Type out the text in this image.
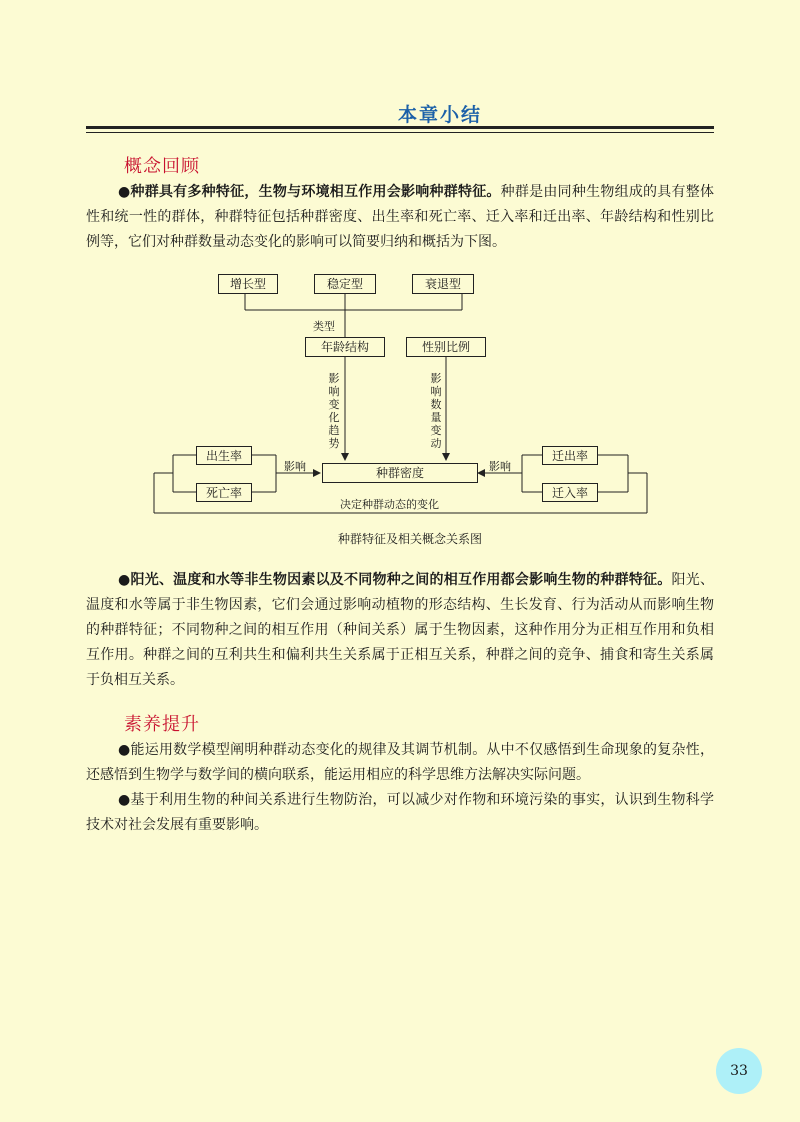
本章小结
概念回顾
●种群具有多种特征，生物与环境相互作用会影响种群特征。种群是由同种生物组成的具有整体性和统一性的群体，种群特征包括种群密度、出生率和死亡率、迁入率和迁出率、年龄结构和性别比例等，它们对种群数量动态变化的影响可以简要归纳和概括为下图。
增长型	稳定型	衰退型
类型
年龄结构	性别比例
影响变化趋势
影响数量变动
出生率
死亡率
影响	种群密度	影响
迁出率
迁入率
决定种群动态的变化
种群特征及相关概念关系图
●阳光、温度和水等非生物因素以及不同物种之间的相互作用都会影响生物的种群特征。阳光、温度和水等属于非生物因素，它们会通过影响动植物的形态结构、生长发育、行为活动从而影响生物的种群特征；不同物种之间的相互作用（种间关系）属于生物因素，这种作用分为正相互作用和负相互作用。种群之间的互利共生和偏利共生关系属于正相互关系，种群之间的竞争、捕食和寄生关系属于负相互关系。
素养提升
●能运用数学模型阐明种群动态变化的规律及其调节机制。从中不仅感悟到生命现象的复杂性，还感悟到生物学与数学间的横向联系，能运用相应的科学思维方法解决实际问题。
●基于利用生物的种间关系进行生物防治，可以减少对作物和环境污染的事实，认识到生物科学技术对社会发展有重要影响。
33
